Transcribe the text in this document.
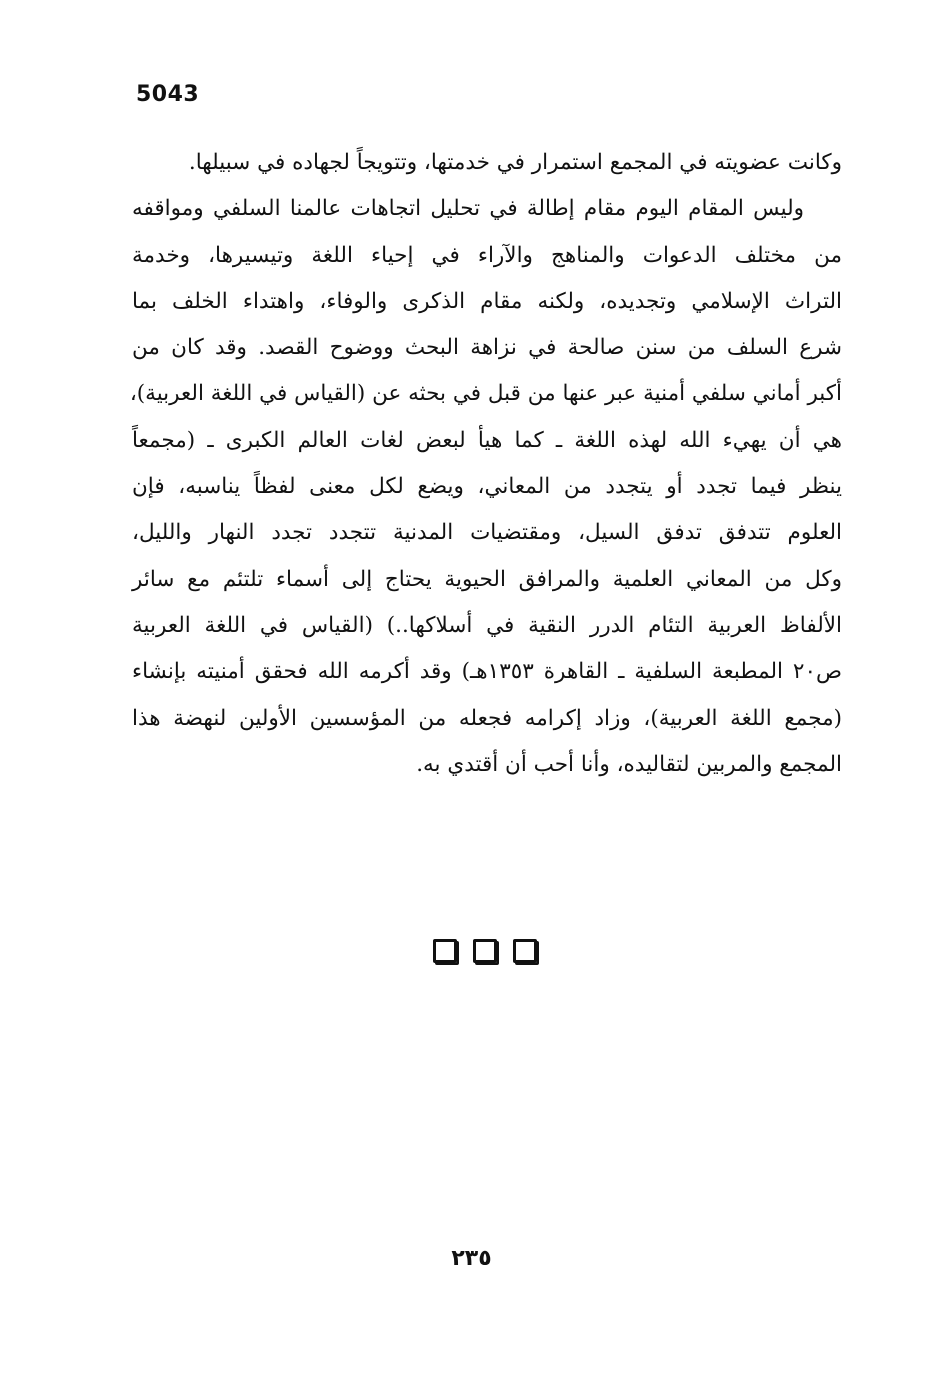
5043
وكانت عضويته في المجمع استمرار في خدمتها، وتتويجاً لجهاده في سبيلها.
وليس المقام اليوم مقام إطالة في تحليل اتجاهات عالمنا السلفي ومواقفه
من مختلف الدعوات والمناهج والآراء في إحياء اللغة وتيسيرها، وخدمة
التراث الإسلامي وتجديده، ولكنه مقام الذكرى والوفاء، واهتداء الخلف بما
شرع السلف من سنن صالحة في نزاهة البحث ووضوح القصد. وقد كان من
أكبر أماني سلفي أمنية عبر عنها من قبل في بحثه عن (القياس في اللغة العربية)،
هي أن يهيء الله لهذه اللغة ـ كما هيأ لبعض لغات العالم الكبرى ـ (مجمعاً
ينظر فيما تجدد أو يتجدد من المعاني، ويضع لكل معنى لفظاً يناسبه، فإن
العلوم تتدفق تدفق السيل، ومقتضيات المدنية تتجدد تجدد النهار والليل،
وكل من المعاني العلمية والمرافق الحيوية يحتاج إلى أسماء تلتئم مع سائر
الألفاظ العربية التئام الدرر النقية في أسلاكها..) (القياس في اللغة العربية
ص٢٠ المطبعة السلفية ـ القاهرة ١٣٥٣هـ) وقد أكرمه الله فحقق أمنيته بإنشاء
(مجمع اللغة العربية)، وزاد إكرامه فجعله من المؤسسين الأولين لنهضة هذا
المجمع والمربين لتقاليده، وأنا أحب أن أقتدي به.
٢٣٥
